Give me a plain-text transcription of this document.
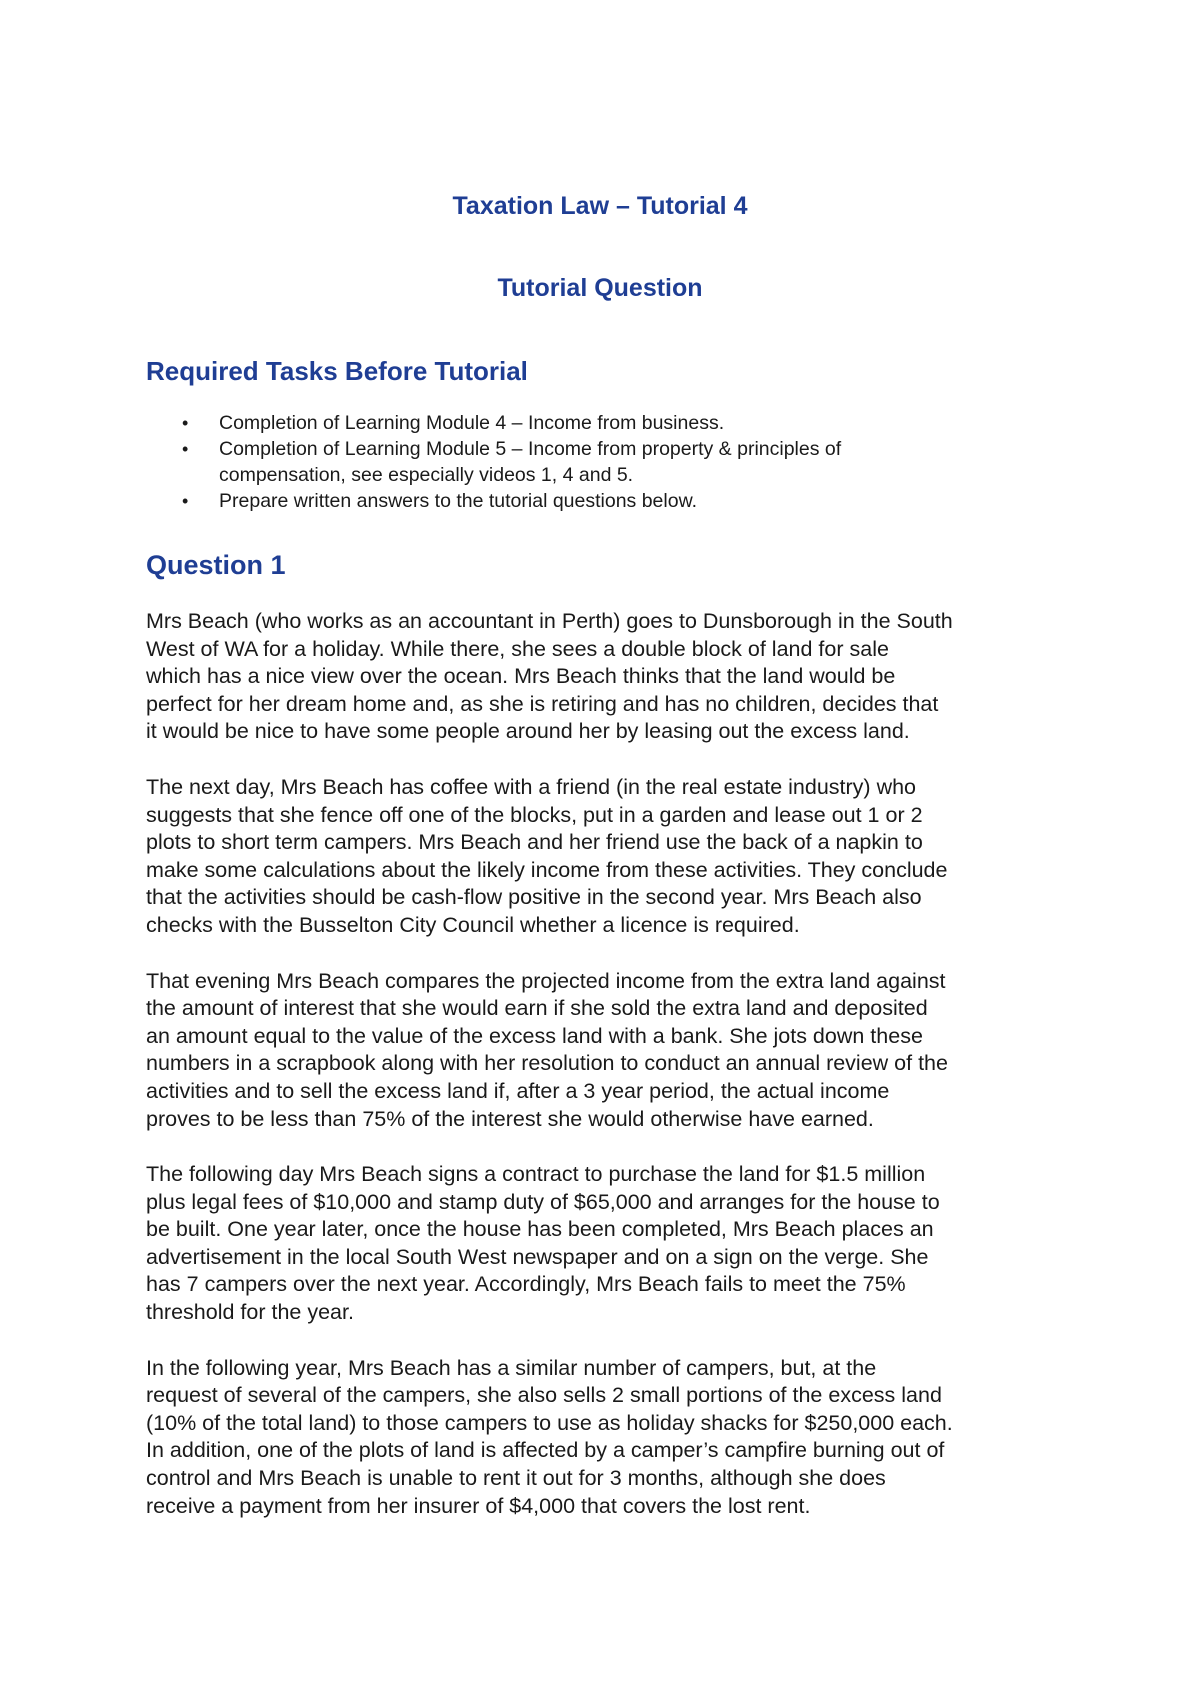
Taxation Law – Tutorial 4
Tutorial Question
Required Tasks Before Tutorial
• Completion of Learning Module 4 – Income from business.
• Completion of Learning Module 5 – Income from property & principles of
compensation, see especially videos 1, 4 and 5.
• Prepare written answers to the tutorial questions below.
Question 1

Mrs Beach (who works as an accountant in Perth) goes to Dunsborough in the South
West of WA for a holiday. While there, she sees a double block of land for sale
which has a nice view over the ocean. Mrs Beach thinks that the land would be
perfect for her dream home and, as she is retiring and has no children, decides that
it would be nice to have some people around her by leasing out the excess land.

The next day, Mrs Beach has coffee with a friend (in the real estate industry) who
suggests that she fence off one of the blocks, put in a garden and lease out 1 or 2
plots to short term campers. Mrs Beach and her friend use the back of a napkin to
make some calculations about the likely income from these activities. They conclude
that the activities should be cash-flow positive in the second year. Mrs Beach also
checks with the Busselton City Council whether a licence is required.

That evening Mrs Beach compares the projected income from the extra land against
the amount of interest that she would earn if she sold the extra land and deposited
an amount equal to the value of the excess land with a bank. She jots down these
numbers in a scrapbook along with her resolution to conduct an annual review of the
activities and to sell the excess land if, after a 3 year period, the actual income
proves to be less than 75% of the interest she would otherwise have earned.

The following day Mrs Beach signs a contract to purchase the land for $1.5 million
plus legal fees of $10,000 and stamp duty of $65,000 and arranges for the house to
be built. One year later, once the house has been completed, Mrs Beach places an
advertisement in the local South West newspaper and on a sign on the verge. She
has 7 campers over the next year. Accordingly, Mrs Beach fails to meet the 75%
threshold for the year.

In the following year, Mrs Beach has a similar number of campers, but, at the
request of several of the campers, she also sells 2 small portions of the excess land
(10% of the total land) to those campers to use as holiday shacks for $250,000 each.
In addition, one of the plots of land is affected by a camper’s campfire burning out of
control and Mrs Beach is unable to rent it out for 3 months, although she does
receive a payment from her insurer of $4,000 that covers the lost rent.
